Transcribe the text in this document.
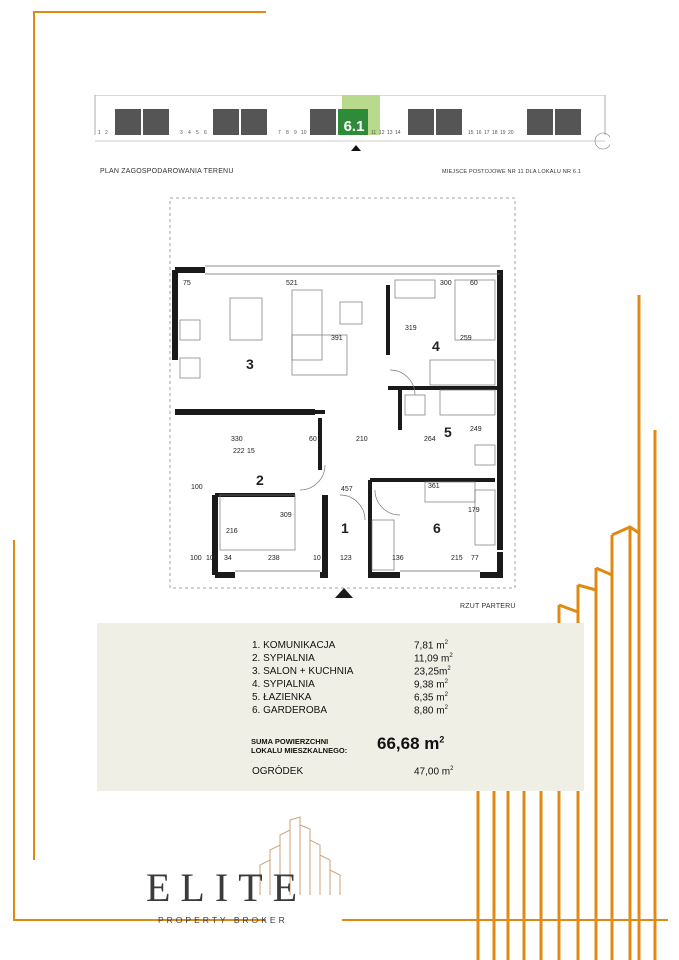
6.1
1 2	3 4 5 6	7 8 9 10	11 12 13 14	15 16 17 18 19 20
PLAN ZAGOSPODAROWANIA TERENU	MIEJSCE POSTOJOWE NR 11 DLA LOKALU NR 6.1
1
2
3
4
5
6
75	521	300	60
319
259
391
330	60	210	264
249
222 15
100	457	361
179
216
309
34	238	10	123	136	215 77
100 100
RZUT PARTERU
1. KOMUNIKACJA	7,81 $m^2$
2. SYPIALNIA	11,09 $m^2$
3. SALON + KUCHNIA	$23,25m^2$
4. SYPIALNIA	9,38 $m^2$
5. ŁAZIENKA	6,35 $m^2$
6. GARDEROBA	8,80 $m^2$
SUMA POWIERZCHNI
LOKALU MIESZKALNEGO: 66,68 $m^2$
OGRÓDEK	47,00 $m^2$
ELITE
PROPERTY BROKER
